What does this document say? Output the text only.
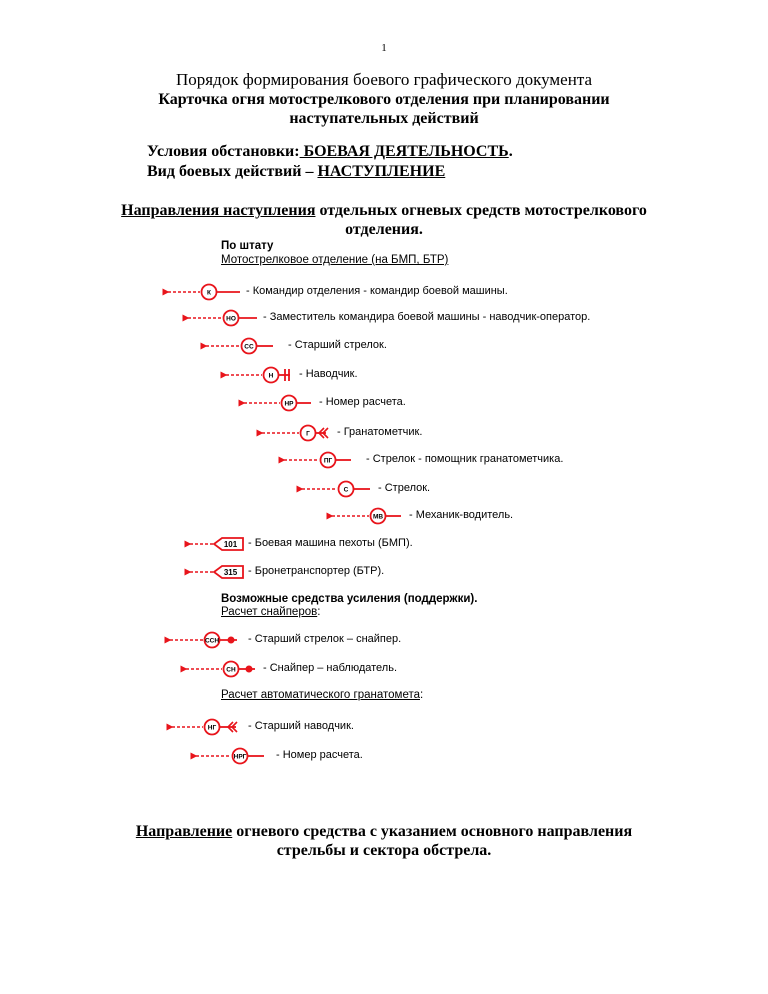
1
Порядок формирования боевого графического документа
Карточка огня мотострелкового отделения при планировании
наступательных действий
Условия обстановки: БОЕВАЯ ДЕЯТЕЛЬНОСТЬ.
Вид боевых действий – НАСТУПЛЕНИЕ
Направления наступления отдельных огневых средств мотострелкового
отделения.
По штату
Мотострелковое отделение (на БМП, БТР)
К
НО
СС
Н
НР
Г
ПГ
С
МВ
101
315
ССН
СН
НГ
НРГ
- Командир отделения - командир боевой машины.
- Заместитель командира боевой машины - наводчик-оператор.
- Старший стрелок.
- Наводчик.
- Номер расчета.
- Гранатометчик.
- Стрелок - помощник гранатометчика.
- Стрелок.
- Механик-водитель.
- Боевая машина пехоты (БМП).
- Бронетранспортер (БТР).
Возможные средства усиления (поддержки).
Расчет снайперов:
- Старший стрелок – снайпер.
- Снайпер – наблюдатель.
Расчет автоматического гранатомета:
- Старший наводчик.
- Номер расчета.
Направление огневого средства с указанием основного направления
стрельбы и сектора обстрела.
